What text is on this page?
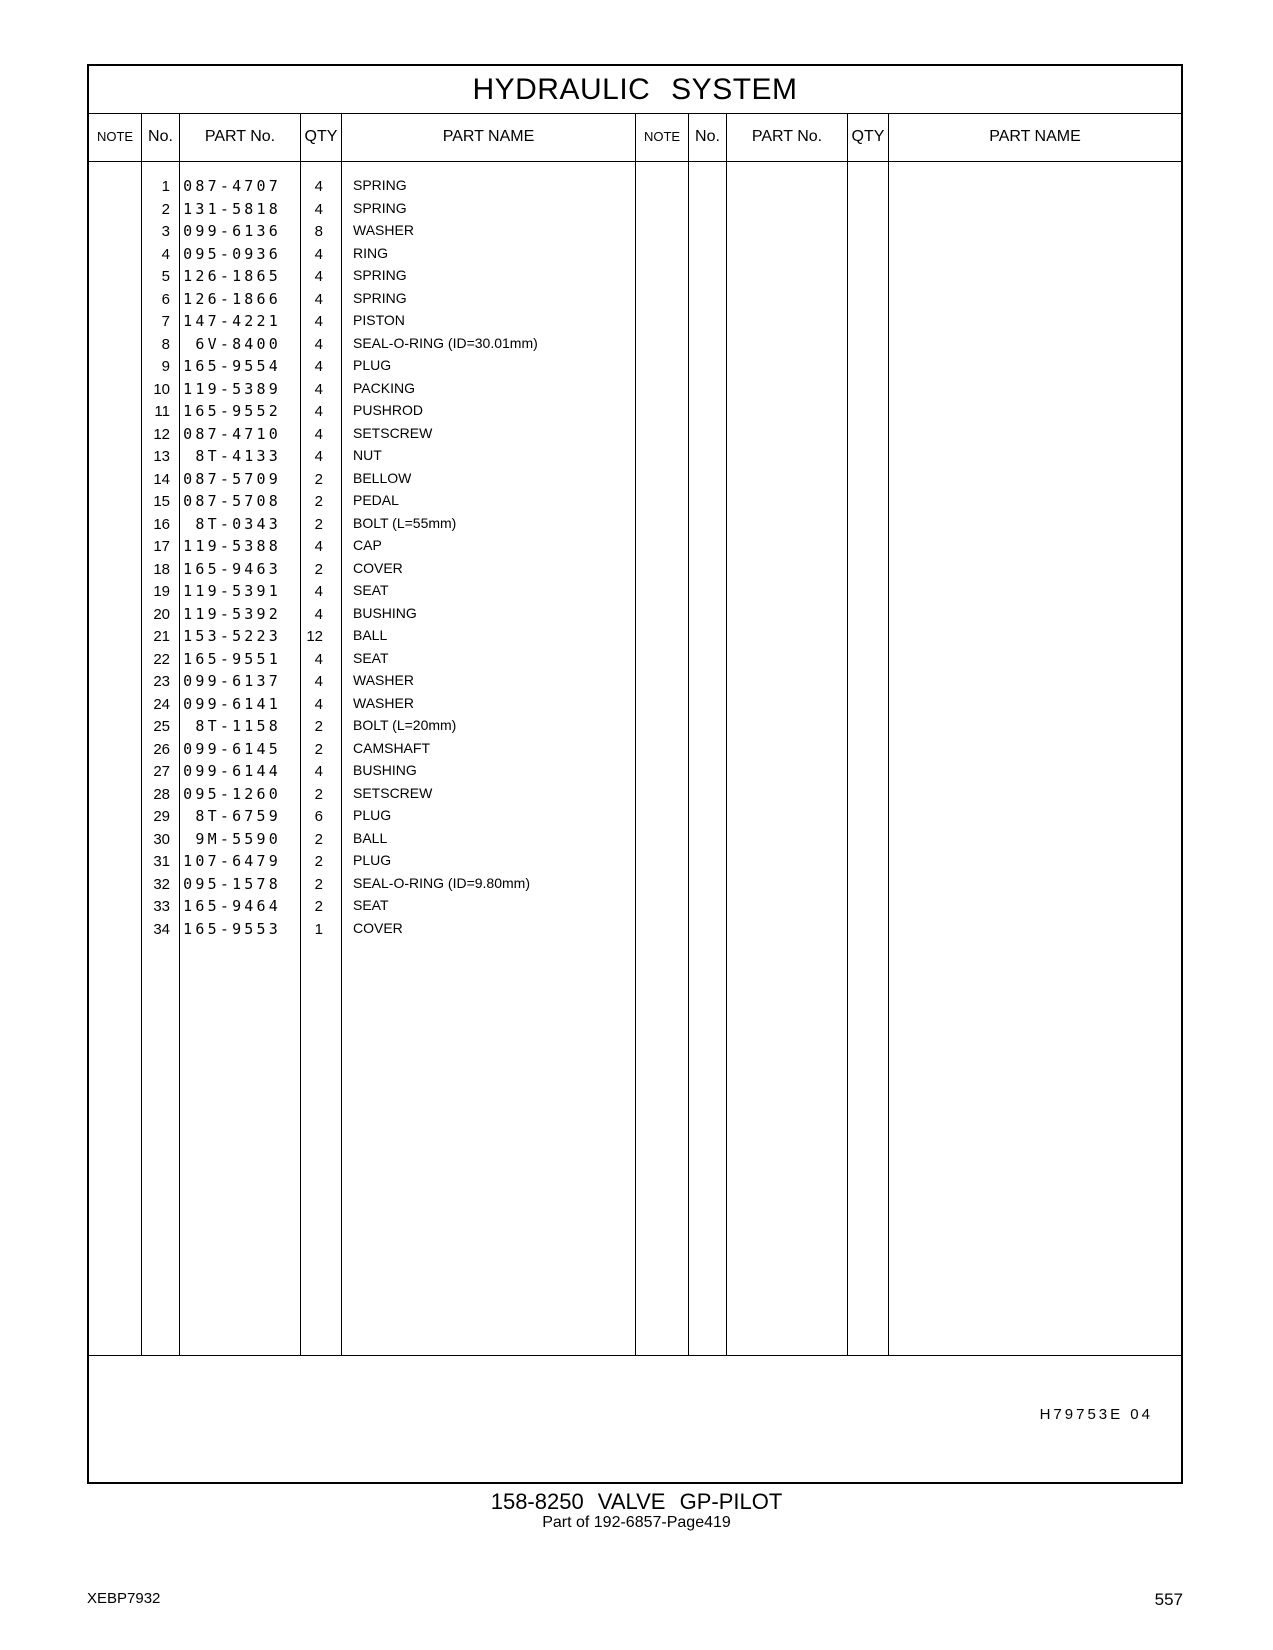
HYDRAULIC SYSTEM
NOTE No.	PART No.	QTY	PART NAME	NOTE No.	PART No.	QTY	PART NAME
1 087-4707	4 SPRING
2 131-5818	4 SPRING
3 099-6136	8 WASHER
4 095-0936	4 RING
5 126-1865	4 SPRING
6 126-1866	4 SPRING
7 147-4221	4 PISTON
8	6V-8400	4 SEAL-O-RING (ID=30.01mm)
9 165-9554	4 PLUG
10 119-5389	4 PACKING
11 165-9552	4 PUSHROD
12 087-4710	4 SETSCREW
13	8T-4133	4 NUT
14 087-5709	2 BELLOW
15 087-5708	2 PEDAL
16	8T-0343	2 BOLT (L=55mm)
17 119-5388	4 CAP
18 165-9463	2 COVER
19 119-5391	4 SEAT
20 119-5392	4 BUSHING
21 153-5223	12 BALL
22 165-9551	4 SEAT
23 099-6137	4 WASHER
24 099-6141	4 WASHER
25	8T-1158	2 BOLT (L=20mm)
26 099-6145	2 CAMSHAFT
27 099-6144	4 BUSHING
28 095-1260	2 SETSCREW
29	8T-6759	6 PLUG
30	9M-5590	2 BALL
31 107-6479	2 PLUG
32 095-1578	2 SEAL-O-RING (ID=9.80mm)
33 165-9464	2 SEAT
34 165-9553	1 COVER
H79753E 04
158-8250 VALVE GP-PILOT
Part of 192-6857-Page419
XEBP7932	557
